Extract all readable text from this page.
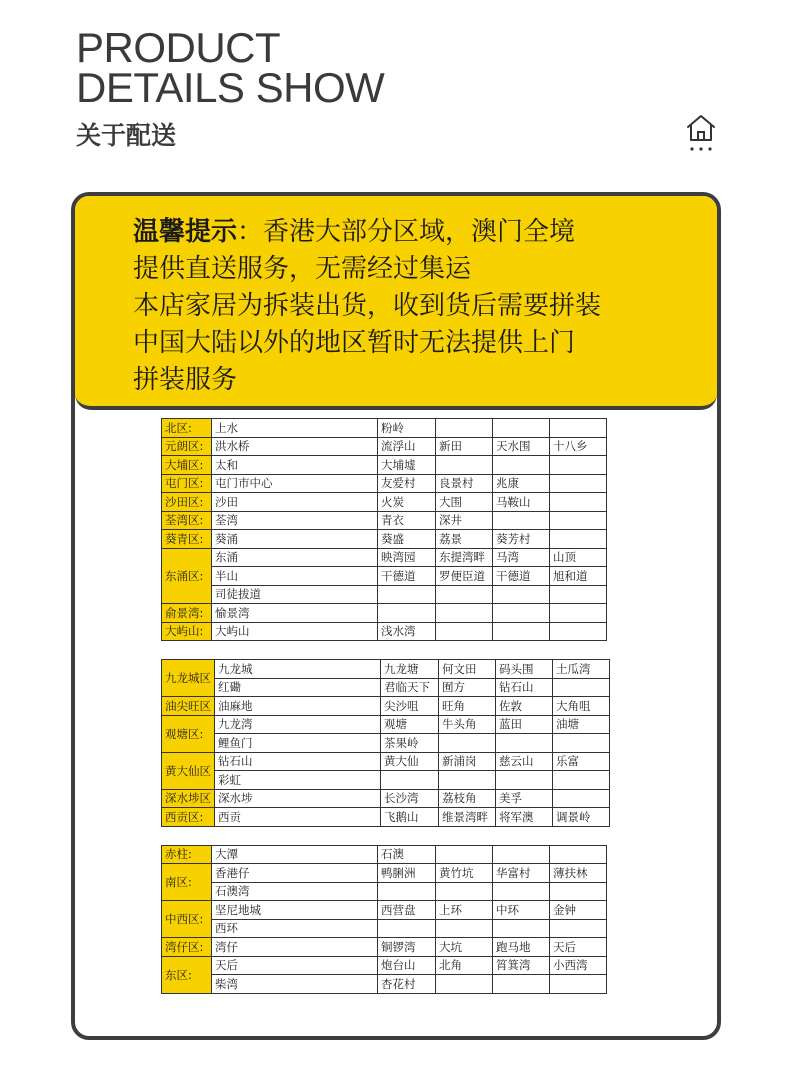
PRODUCT
DETAILS SHOW
关于配送

温馨提示：香港大部分区域，澳门全境

提供直送服务，无需经过集运

本店家居为拆装出货，收到货后需要拼装

中国大陆以外的地区暂时无法提供上门

拼装服务

北区:	上水	粉岭			
元朗区:	洪水桥	流浮山	新田	天水围	十八乡
大埔区:	太和	大埔墟			
屯门区:	屯门市中心	友爱村	良景村	兆康	
沙田区:	沙田	火炭	大围	马鞍山	
荃湾区:	荃湾	青衣	深井		
葵青区:	葵涌	葵盛	荔景	葵芳村	
东涌区:	东涌	映湾园	东提湾畔	马湾	山顶
	半山	干德道	罗便臣道	干德道	旭和道
	司徒拔道				
俞景湾:	愉景湾				
大屿山:	大屿山	浅水湾			
九龙城区	九龙城	九龙塘	何文田	码头围	土瓜湾
	红磡	君临天下	囿方	钻石山	
油尖旺区	油麻地	尖沙咀	旺角	佐敦	大角咀
观塘区:	九龙湾	观塘	牛头角	蓝田	油塘
	鲤鱼门	茶果岭			
黄大仙区	钻石山	黄大仙	新浦岗	慈云山	乐富
	彩虹				
深水埗区	深水埗	长沙湾	荔枝角	美孚	
西贡区:	西贡	飞鹅山	维景湾畔	将军澳	调景岭
赤柱:	大潭	石澳			
南区:	香港仔	鸭脷洲	黄竹坑	华富村	薄扶林
	石澳湾				
中西区:	坚尼地城	西营盘	上环	中环	金钟
	西环				
湾仔区:	湾仔	铜锣湾	大坑	跑马地	天后
东区:	天后	炮台山	北角	筲箕湾	小西湾
	柴湾	杏花村			
